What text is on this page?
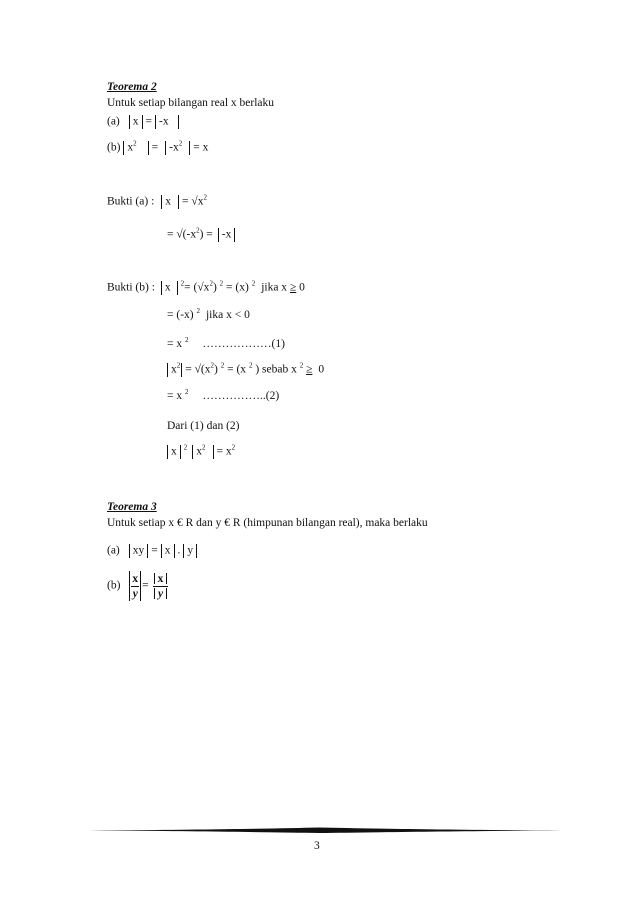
Teorema 2
Untuk setiap bilangan real x berlaku
(a) x = -x
(b) $x^2 = -x^2 = x$
Bukti (a) : $x = √x^2$
= $√(-x^2) = -x$
Bukti (b) : x $^2= (√x^2) ^2 = (x)$ $^2$ jika x ≥ 0
= (-x) $^2$ jika x < 0
= x $^2$ ………………(1)
$x^2 = √(x^2) ^2 = (x$ $^2$ ) sebab x $^2$ ≥ 0
= x $^2$ ……………..(2)
Dari (1) dan (2)
x $^2$ $x^2 = x^2$
Teorema 3
Untuk setiap x € R dan y € R (himpunan bilangan real), maka berlaku
(a) xy = x . y
$(b) \frac{x}{y} = \frac{x}{y}$
3
